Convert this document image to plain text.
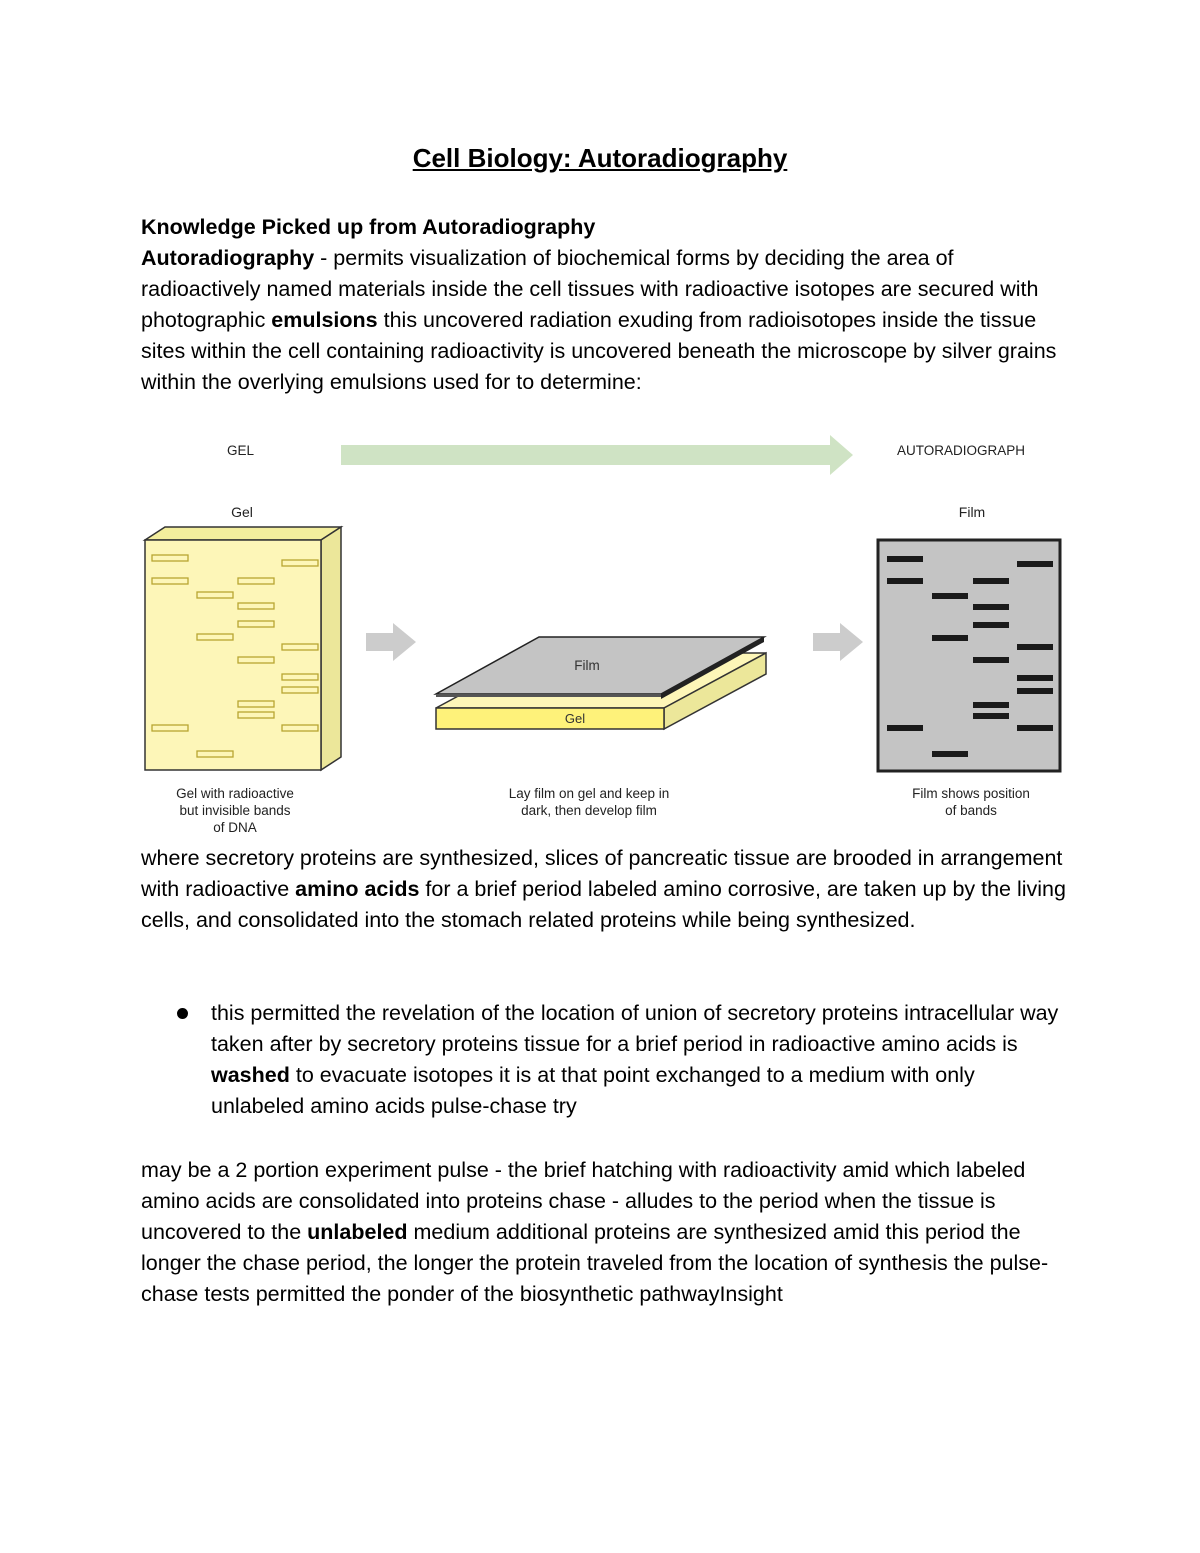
Cell Biology: Autoradiography
Knowledge Picked up from Autoradiography
Autoradiography - permits visualization of biochemical forms by deciding the area of radioactively named materials inside the cell tissues with radioactive isotopes are secured with photographic emulsions this uncovered radiation exuding from radioisotopes inside the tissue sites within the cell containing radioactivity is uncovered beneath the microscope by silver grains within the overlying emulsions used for to determine:
GEL	AUTORADIOGRAPH
Gel	Film
Gel
Film
Gel with radioactive
but invisible bands
of DNA
Lay film on gel and keep in
dark, then develop film
Film shows position
of bands
where secretory proteins are synthesized, slices of pancreatic tissue are brooded in arrangement with radioactive amino acids for a brief period labeled amino corrosive, are taken up by the living cells, and consolidated into the stomach related proteins while being synthesized.
this permitted the revelation of the location of union of secretory proteins intracellular way taken after by secretory proteins tissue for a brief period in radioactive amino acids is washed to evacuate isotopes it is at that point exchanged to a medium with only unlabeled amino acids pulse-chase try
may be a 2 portion experiment pulse - the brief hatching with radioactivity amid which labeled amino acids are consolidated into proteins chase - alludes to the period when the tissue is uncovered to the unlabeled medium additional proteins are synthesized amid this period the longer the chase period, the longer the protein traveled from the location of synthesis the pulse-chase tests permitted the ponder of the biosynthetic pathwayInsight
